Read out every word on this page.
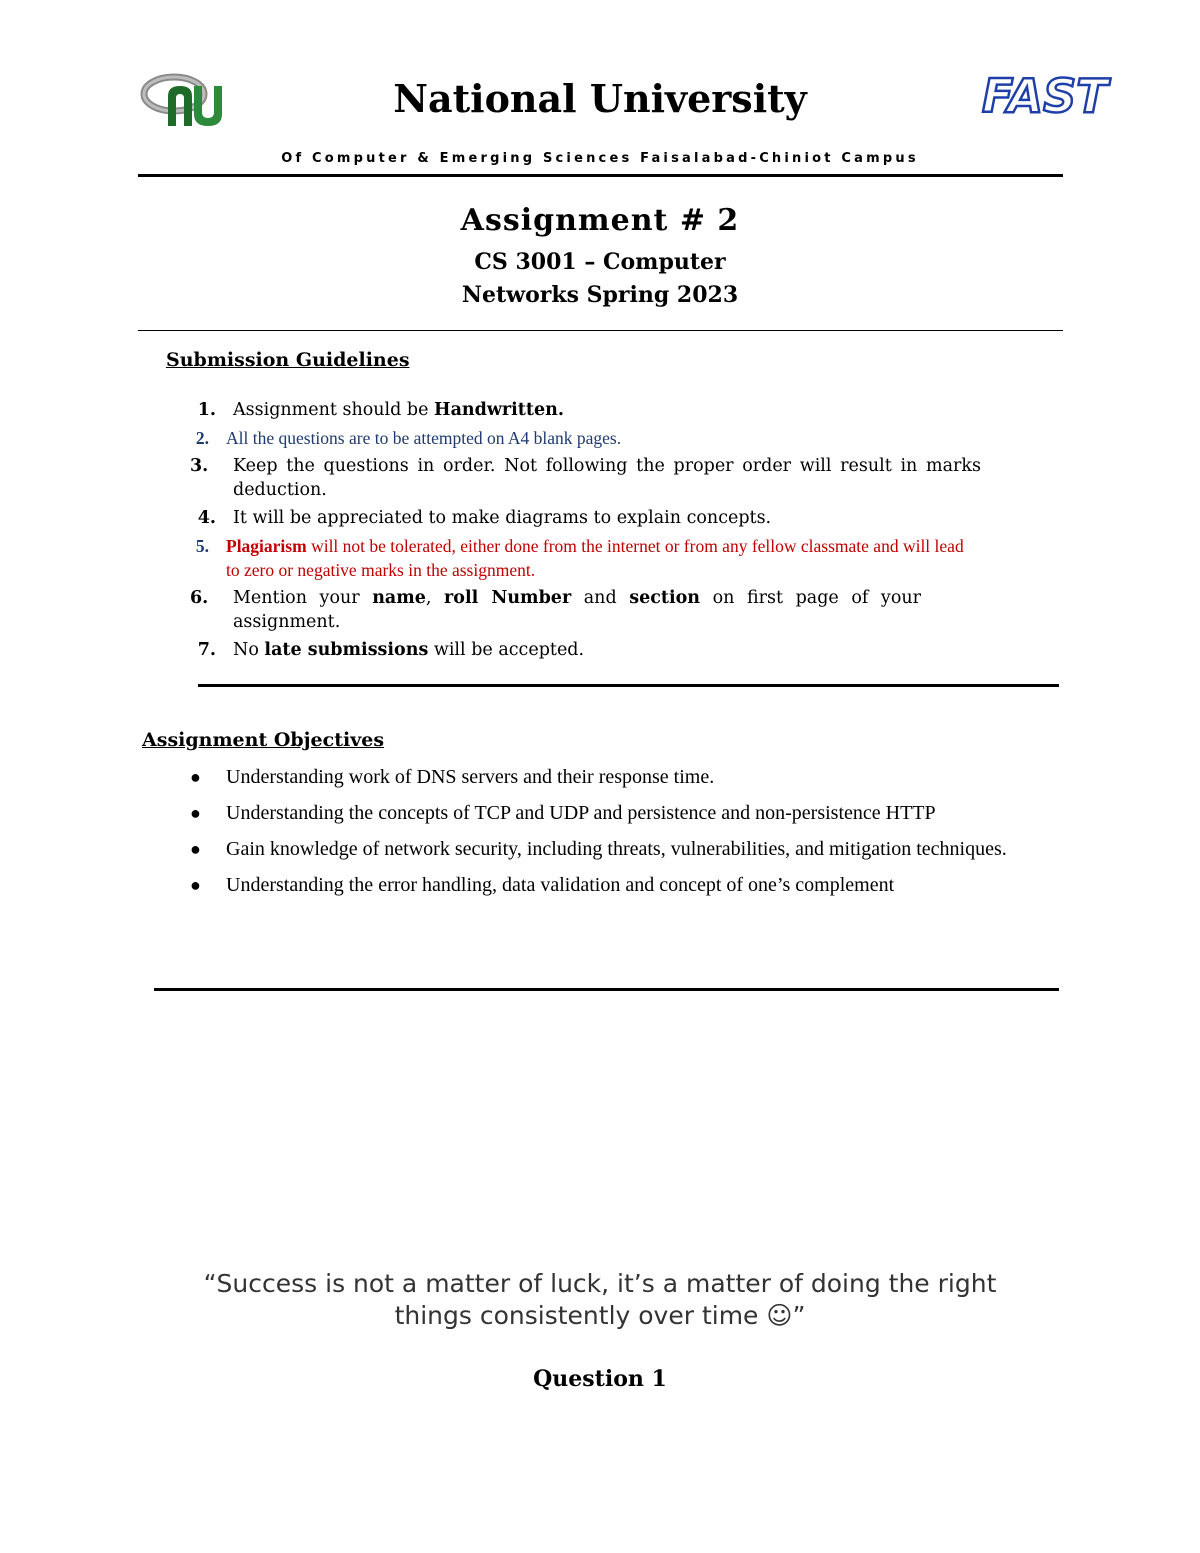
National University	FAST
Of Computer & Emerging Sciences Faisalabad-Chiniot Campus
Assignment # 2
CS 3001 – Computer
Networks Spring 2023
Submission Guidelines
1. Assignment should be Handwritten.
2. All the questions are to be attempted on A4 blank pages.
3.	Keep the questions in order. Not following the proper order will result in marks deduction.
4. It will be appreciated to make diagrams to explain concepts.
5. Plagiarism will not be tolerated, either done from the internet or from any fellow classmate and will lead to zero or negative marks in the assignment.
6.	Mention your name, roll Number and section on first page of your assignment.
7. No late submissions will be accepted.
Assignment Objectives
● Understanding work of DNS servers and their response time.
● Understanding the concepts of TCP and UDP and persistence and non-persistence HTTP
● Gain knowledge of network security, including threats, vulnerabilities, and mitigation techniques.
● Understanding the error handling, data validation and concept of one’s complement
“Success is not a matter of luck, it’s a matter of doing the right
things consistently over time ☺”
Question 1
